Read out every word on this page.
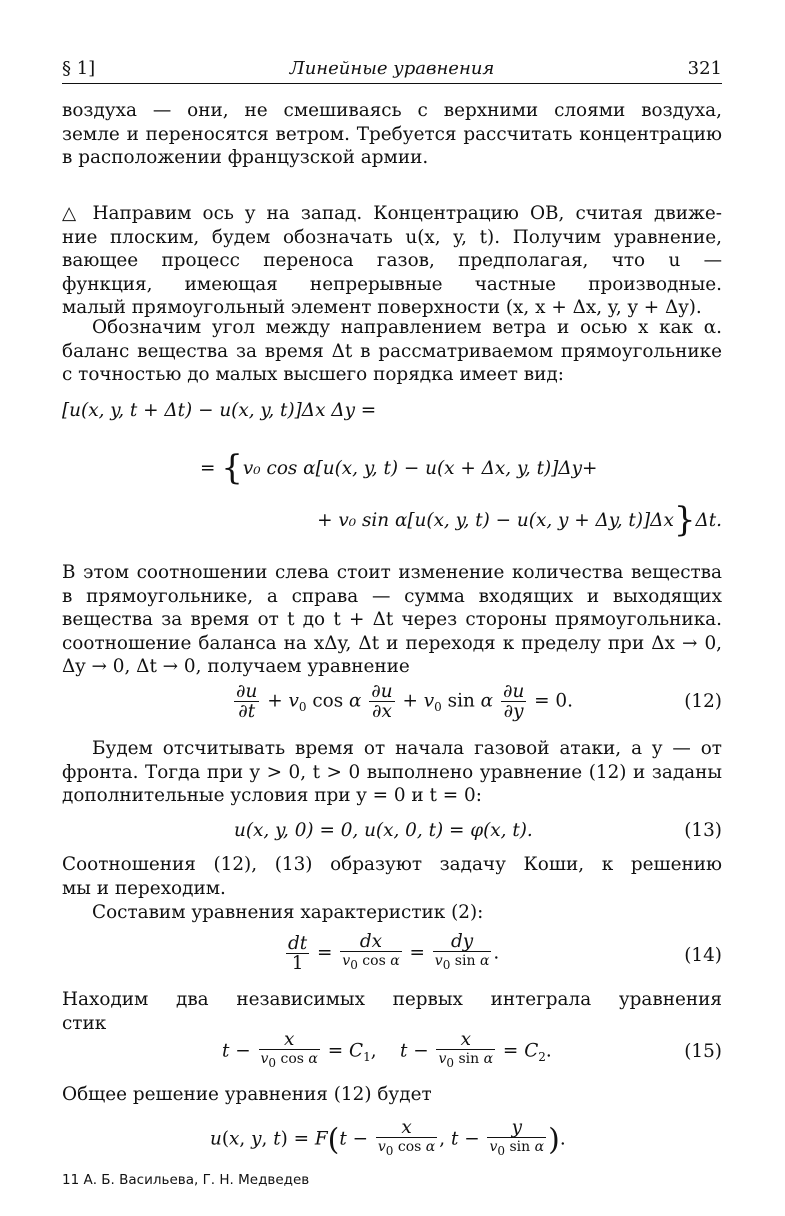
§ 1]	Линейные уравнения	321
воздуха — они, не смешиваясь с верхними слоями воздуха,
земле и переносятся ветром. Требуется рассчитать концентрацию
в расположении французской армии.
△ Направим ось y на запад. Концентрацию ОВ, считая движе-
ние плоским, будем обозначать u(x, y, t). Получим уравнение,
вающее процесс переноса газов, предполагая, что u —
функция, имеющая непрерывные частные производные.
малый прямоугольный элемент поверхности (x, x + Δx, y, y + Δy).
Обозначим угол между направлением ветра и осью x как α.
баланс вещества за время Δt в рассматриваемом прямоугольнике
с точностью до малых высшего порядка имеет вид:
[u(x, y, t + Δt) − u(x, y, t)]Δx Δy =
= {v₀ cos α[u(x, y, t) − u(x + Δx, y, t)]Δy+
+ v₀ sin α[u(x, y, t) − u(x, y + Δy, t)]Δx}Δt.
В этом соотношении слева стоит изменение количества вещества
в прямоугольнике, а справа — сумма входящих и выходящих
вещества за время от t до t + Δt через стороны прямоугольника.
соотношение баланса на xΔy, Δt и переходя к пределу при Δx → 0,
Δy → 0, Δt → 0, получаем уравнение
$\frac{\partial u}{\partial t} + v_0$ cos α $\frac{\partial u}{\partial x} + v_0$ sin α $\frac{\partial u}{\partial y} = 0$.	(12)
Будем отсчитывать время от начала газовой атаки, а y — от
фронта. Тогда при y > 0, t > 0 выполнено уравнение (12) и заданы
дополнительные условия при y = 0 и t = 0:
u(x, y, 0) = 0, u(x, 0, t) = φ(x, t).	(13)
Соотношения (12), (13) образуют задачу Коши, к решению
мы и переходим.
Составим уравнения характеристик (2):
$\frac{dt}{1} = \frac{dx}{v_0 \cos \alpha} = \frac{dy}{v_0 \sin \alpha}$ .	(14)
Находим два независимых первых интеграла уравнения
стик
$t - \frac{x}{v_0 \cos \alpha} = C_1$,    $t - \frac{x}{v_0 \sin \alpha} = C_2$.	(15)
Общее решение уравнения (12) будет
u(x, y, $t) = F(t - \frac{x}{v_0 \cos \alpha}$ , $t - \frac{y}{v_0 \sin \alpha}$ ).
11 А. Б. Васильева, Г. Н. Медведев
